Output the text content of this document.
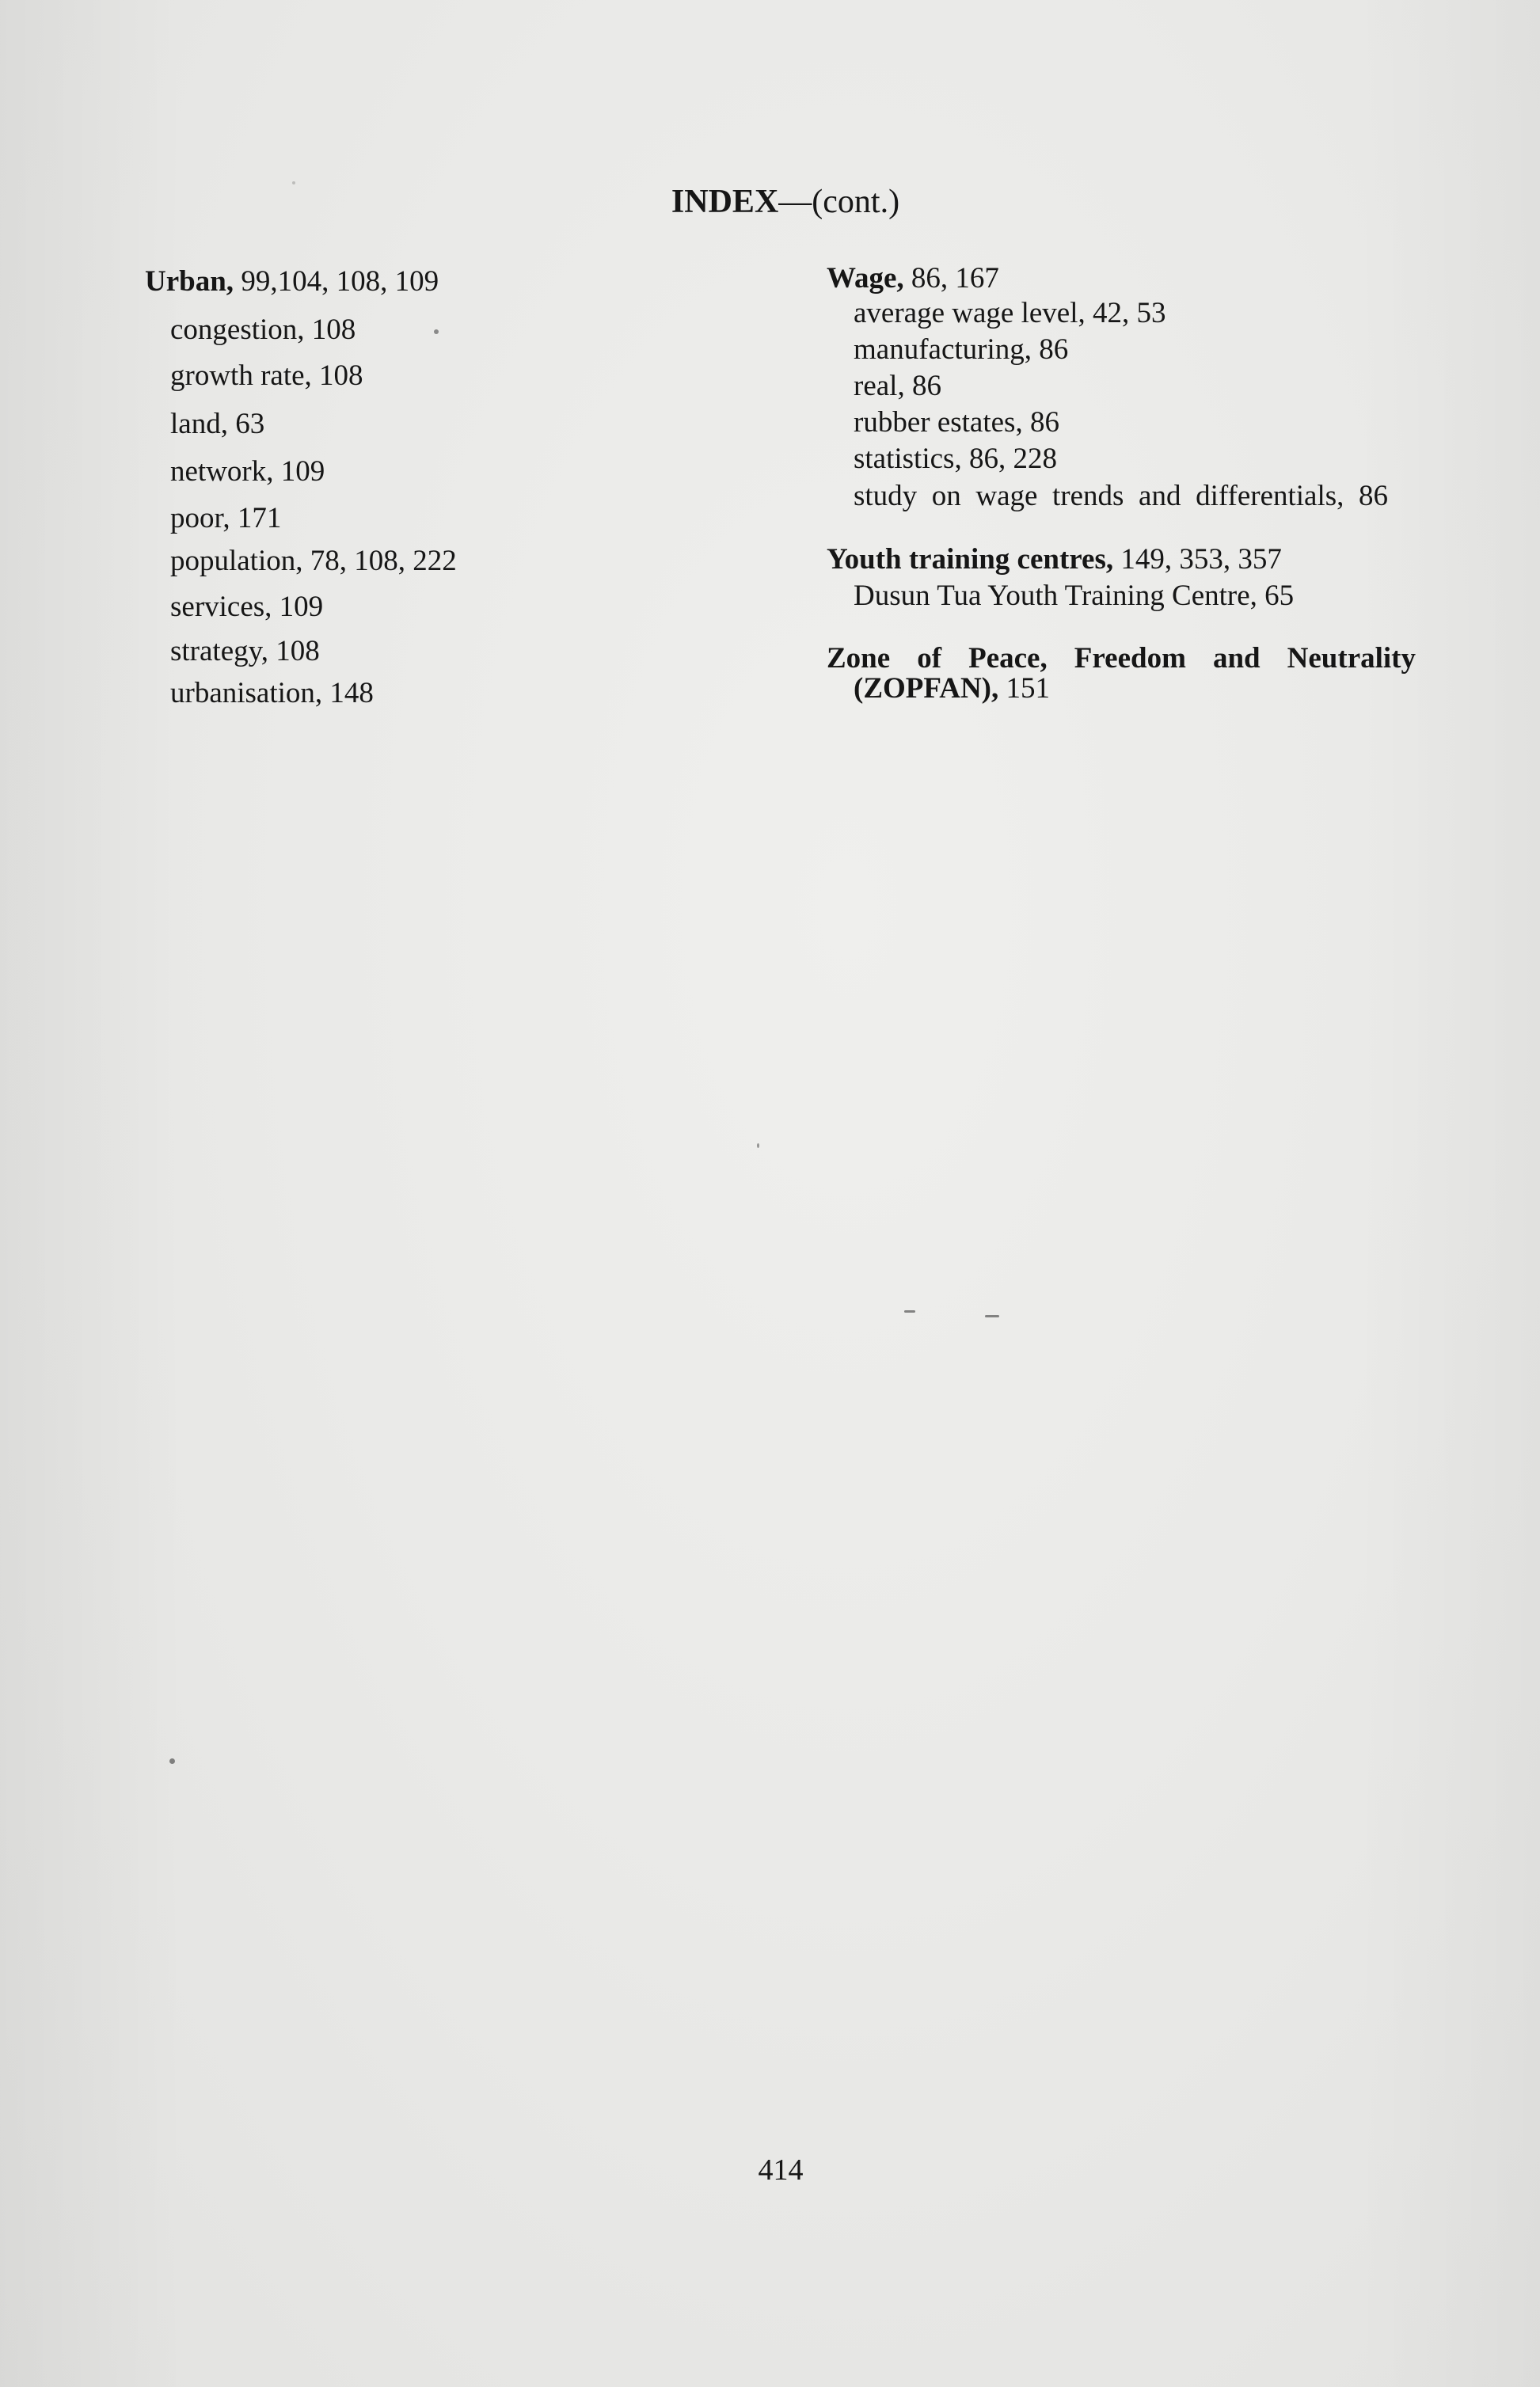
INDEX—(cont.)
Urban, 99,104, 108, 109
congestion, 108
growth rate, 108
land, 63
network, 109
poor, 171
population, 78, 108, 222
services, 109
strategy, 108
urbanisation, 148
Wage, 86, 167
average wage level, 42, 53
manufacturing, 86
real, 86
rubber estates, 86
statistics, 86, 228
study on wage trends and differentials, 86
Youth training centres, 149, 353, 357
Dusun Tua Youth Training Centre, 65
Zone of Peace, Freedom and Neutrality
(ZOPFAN), 151
414
